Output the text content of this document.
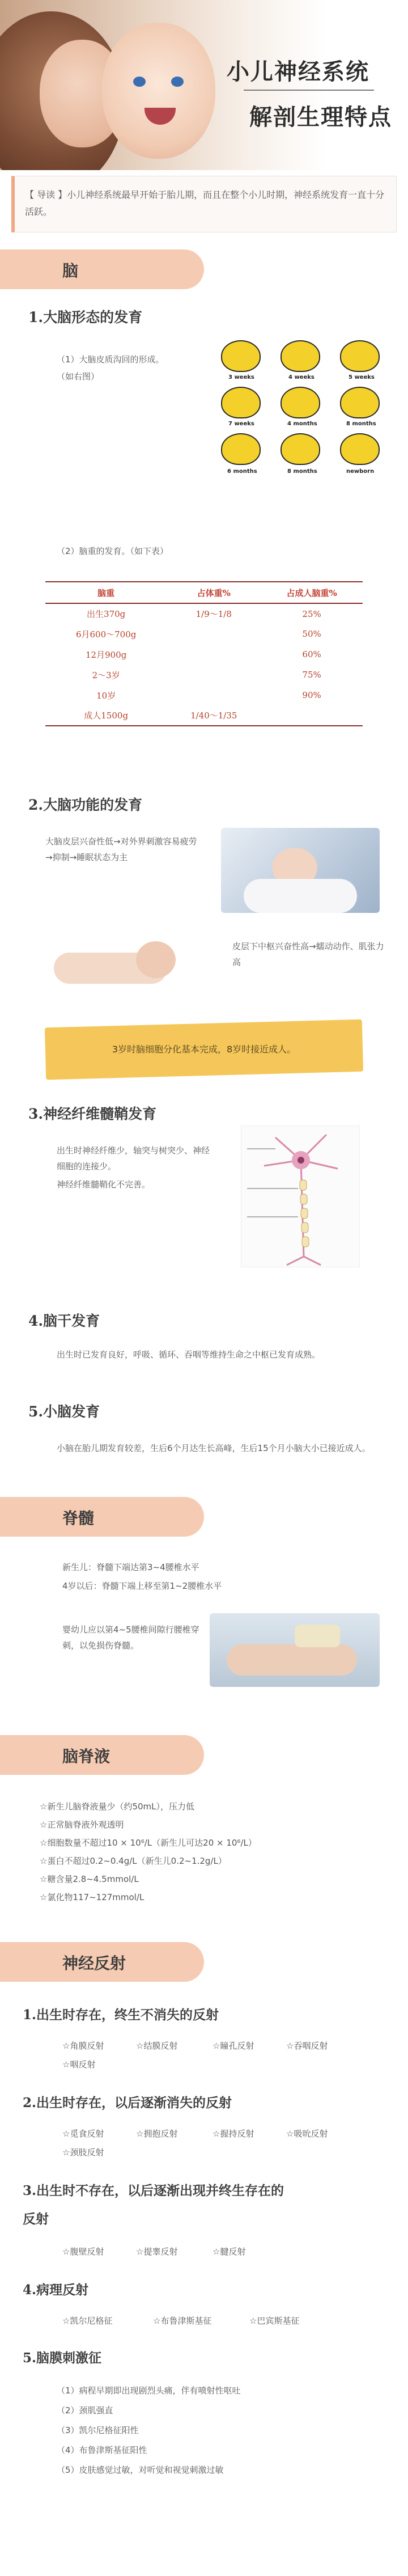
小儿神经系统
解剖生理特点
【 导读 】小儿神经系统最早开始于胎儿期，而且在整个小儿时期，神经系统发育一直十分活跃。
脑
1.大脑形态的发育
（1）大脑皮质沟回的形成。
（如右图）	3 weeks	4 weeks	5 weeks
7 weeks	4 months	8 months
6 months	8 months	newborn
（2）脑重的发育。（如下表）
脑重	占体重%	占成人脑重%
出生370g	1/9～1/8	25%
6月600～700g		50%
12月900g		60%
2～3岁		75%
10岁		90%
成人1500g	1/40～1/35	
2.大脑功能的发育
大脑皮层兴奋性低→对外界刺激容易疲劳→抑制→睡眠状态为主
皮层下中枢兴奋性高→蠕动动作、肌张力高
3岁时脑细胞分化基本完成，8岁时接近成人。
3.神经纤维髓鞘发育
出生时神经纤维少，轴突与树突少、神经细胞的连接少。
神经纤维髓鞘化不完善。
4.脑干发育
出生时已发育良好，呼吸、循环、吞咽等维持生命之中枢已发育成熟。
5.小脑发育
小脑在胎儿期发育较差，生后6个月达生长高峰，生后15个月小脑大小已接近成人。
脊髓
新生儿：脊髓下端达第3~4腰椎水平
4岁以后：脊髓下端上移至第1~2腰椎水平
婴幼儿应以第4~5腰椎间隙行腰椎穿刺，以免损伤脊髓。
脑脊液
☆新生儿脑脊液量少（约50mL），压力低
☆正常脑脊液外观透明
☆细胞数量不超过10 × 10⁶/L（新生儿可达20 × 10⁶/L）
☆蛋白不超过0.2~0.4g/L（新生儿0.2~1.2g/L）
☆糖含量2.8~4.5mmol/L
☆氯化物117~127mmol/L
神经反射
1.出生时存在，终生不消失的反射
☆角膜反射	☆结膜反射	☆瞳孔反射	☆吞咽反射
☆咽反射
2.出生时存在，以后逐渐消失的反射
☆觅食反射	☆拥抱反射	☆握持反射	☆吸吮反射
☆颈肢反射
3.出生时不存在，以后逐渐出现并终生存在的
反射
☆腹壁反射	☆提睾反射	☆腱反射
4.病理反射
☆凯尔尼格征	☆布鲁津斯基征	☆巴宾斯基征
5.脑膜刺激征
（1）病程早期即出现剧烈头痛，伴有喷射性呕吐
（2）颈肌强直
（3）凯尔尼格征阳性
（4）布鲁津斯基征阳性
（5）皮肤感觉过敏，对听觉和视觉刺激过敏
